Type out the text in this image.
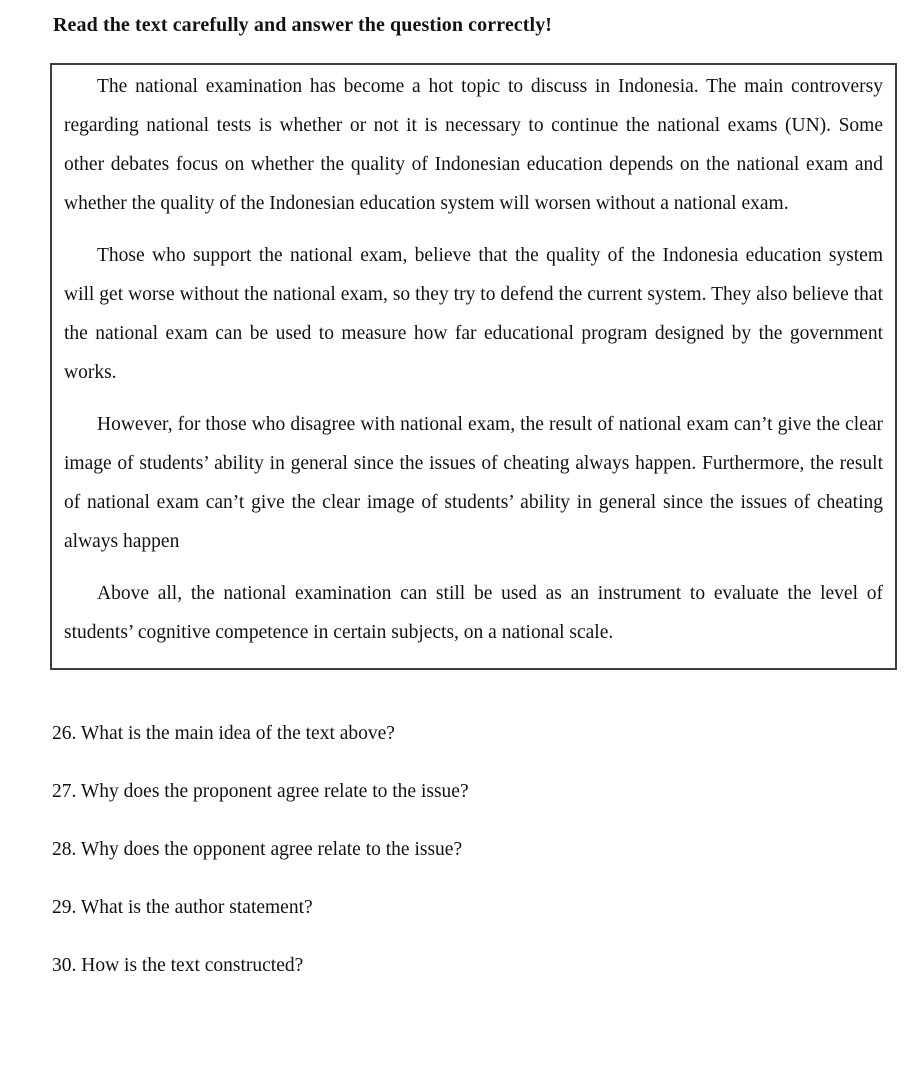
Read the text carefully and answer the question correctly!

The national examination has become a hot topic to discuss in Indonesia. The main controversy regarding national tests is whether or not it is necessary to continue the national exams (UN). Some other debates focus on whether the quality of Indonesian education depends on the national exam and whether the quality of the Indonesian education system will worsen without a national exam.

Those who support the national exam, believe that the quality of the Indonesia education system will get worse without the national exam, so they try to defend the current system. They also believe that the national exam can be used to measure how far educational program designed by the government works.

However, for those who disagree with national exam, the result of national exam can’t give the clear image of students’ ability in general since the issues of cheating always happen. Furthermore, the result of national exam can’t give the clear image of students’ ability in general since the issues of cheating always happen

Above all, the national examination can still be used as an instrument to evaluate the level of students’ cognitive competence in certain subjects, on a national scale.

26. What is the main idea of the text above?
27. Why does the proponent agree relate to the issue?
28. Why does the opponent agree relate to the issue?
29. What is the author statement?
30. How is the text constructed?
